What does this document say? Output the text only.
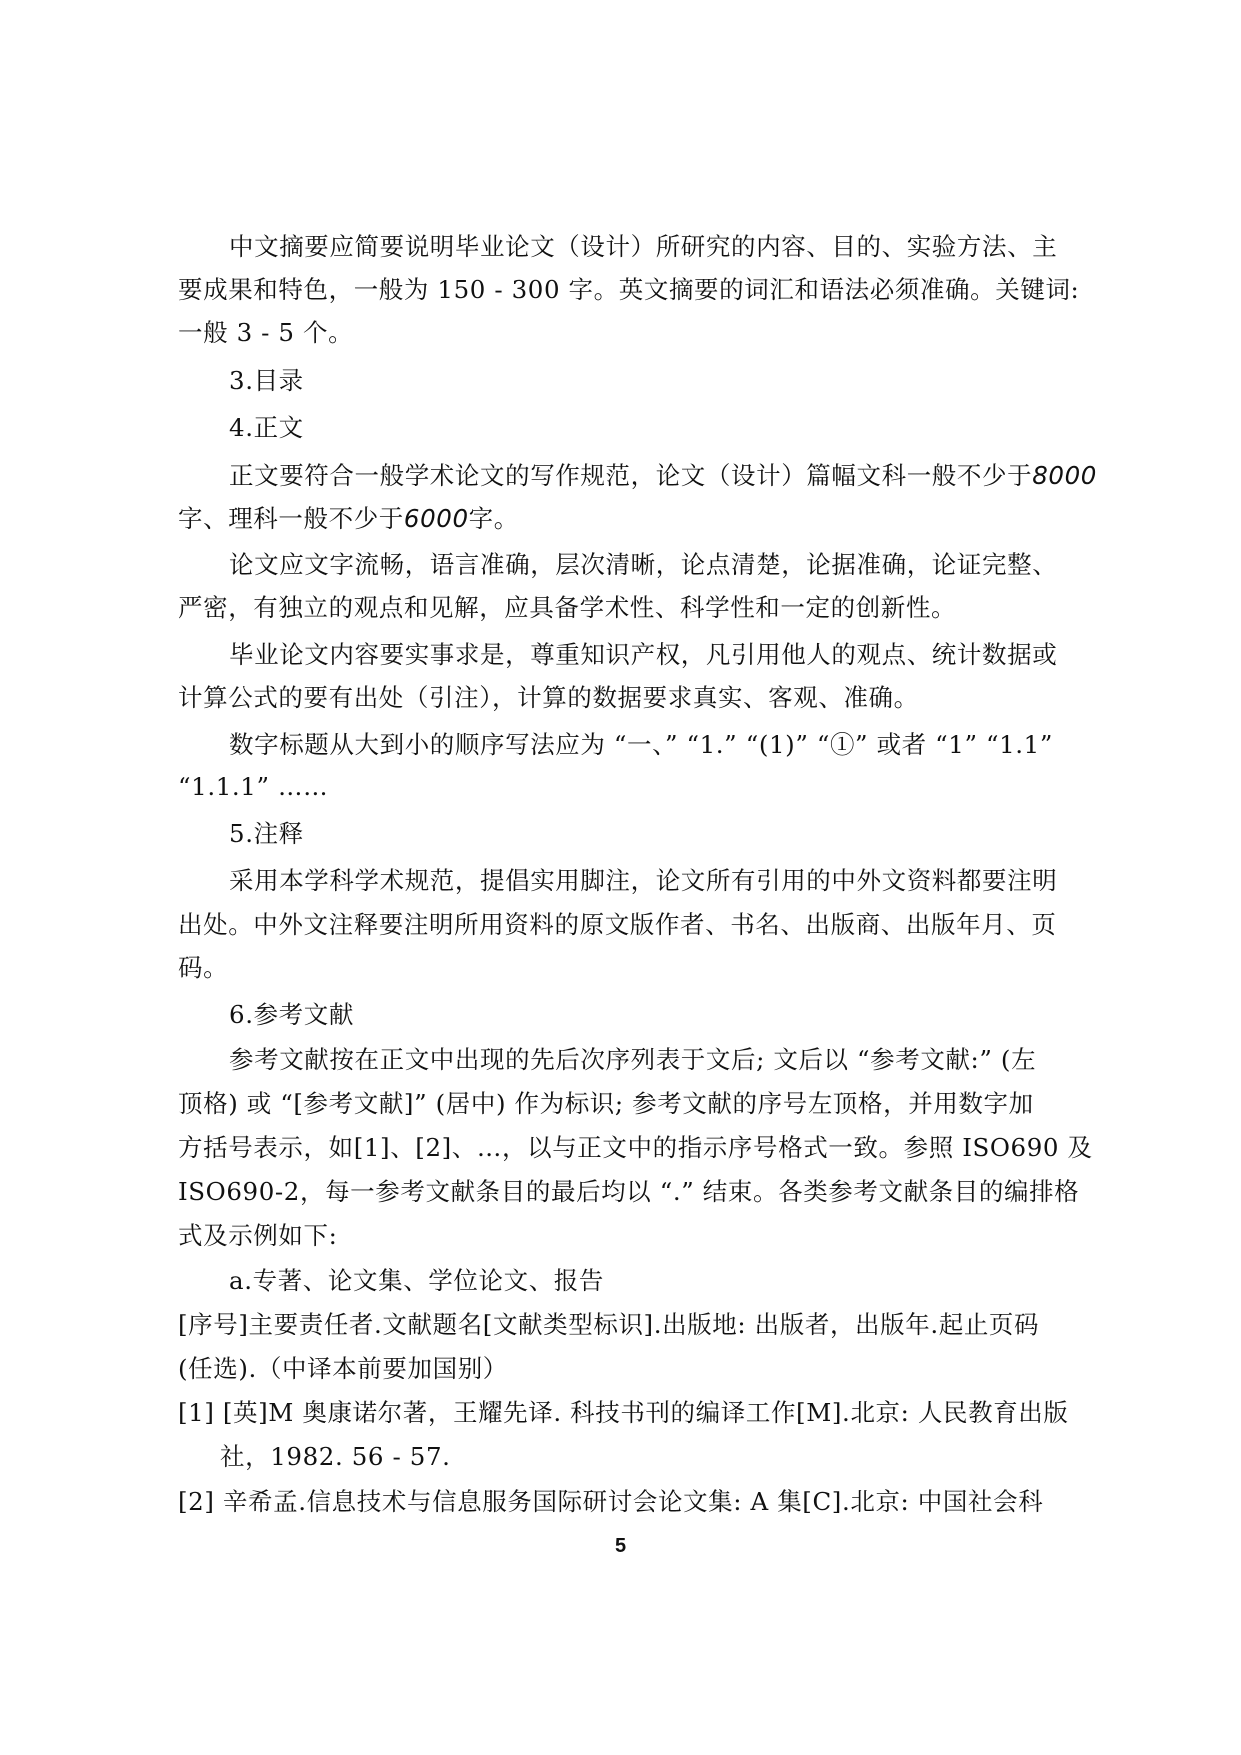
中文摘要应简要说明毕业论文（设计）所研究的内容、目的、实验方法、主
要成果和特色，一般为 150 - 300 字。英文摘要的词汇和语法必须准确。关键词:
一般 3 - 5 个。
3.目录
4.正文
正文要符合一般学术论文的写作规范，论文（设计）篇幅文科一般不少于8000
字、理科一般不少于6000字。
论文应文字流畅，语言准确，层次清晰，论点清楚，论据准确，论证完整、
严密，有独立的观点和见解，应具备学术性、科学性和一定的创新性。
毕业论文内容要实事求是，尊重知识产权，凡引用他人的观点、统计数据或
计算公式的要有出处（引注），计算的数据要求真实、客观、准确。
数字标题从大到小的顺序写法应为 “一、” “1.” “(1)” “①” 或者 “1” “1.1”
“1.1.1” ……
5.注释
采用本学科学术规范，提倡实用脚注，论文所有引用的中外文资料都要注明
出处。中外文注释要注明所用资料的原文版作者、书名、出版商、出版年月、页
码。
6.参考文献
参考文献按在正文中出现的先后次序列表于文后; 文后以 “参考文献:” (左
顶格) 或 “[参考文献]” (居中) 作为标识; 参考文献的序号左顶格，并用数字加
方括号表示，如[1]、[2]、…，以与正文中的指示序号格式一致。参照 ISO690 及
ISO690-2，每一参考文献条目的最后均以 “.” 结束。各类参考文献条目的编排格
式及示例如下:
a.专著、论文集、学位论文、报告
[序号]主要责任者.文献题名[文献类型标识].出版地: 出版者，出版年.起止页码
(任选).（中译本前要加国别）
[1] [英]M 奥康诺尔著，王耀先译. 科技书刊的编译工作[M].北京: 人民教育出版
社，1982. 56 - 57.
[2] 辛希孟.信息技术与信息服务国际研讨会论文集: A 集[C].北京: 中国社会科
5
